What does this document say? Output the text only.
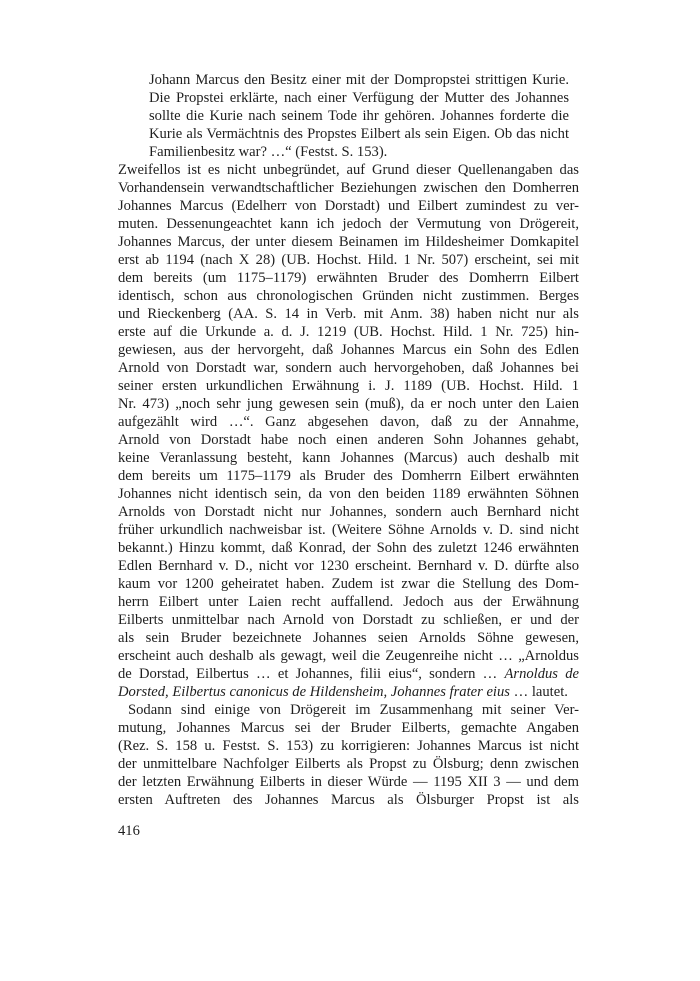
Johann Marcus den Besitz einer mit der Dompropstei strittigen Kurie.
Die Propstei erklärte, nach einer Verfügung der Mutter des Johannes
sollte die Kurie nach seinem Tode ihr gehören. Johannes forderte die
Kurie als Vermächtnis des Propstes Eilbert als sein Eigen. Ob das nicht
Familienbesitz war? …“ (Festst. S. 153).
Zweifellos ist es nicht unbegründet, auf Grund dieser Quellenangaben das
Vorhandensein verwandtschaftlicher Beziehungen zwischen den Domherren
Johannes Marcus (Edelherr von Dorstadt) und Eilbert zumindest zu ver-
muten. Dessenungeachtet kann ich jedoch der Vermutung von Drögereit,
Johannes Marcus, der unter diesem Beinamen im Hildesheimer Domkapitel
erst ab 1194 (nach X 28) (UB. Hochst. Hild. 1 Nr. 507) erscheint, sei mit
dem bereits (um 1175–1179) erwähnten Bruder des Domherrn Eilbert
identisch, schon aus chronologischen Gründen nicht zustimmen. Berges
und Rieckenberg (AA. S. 14 in Verb. mit Anm. 38) haben nicht nur als
erste auf die Urkunde a. d. J. 1219 (UB. Hochst. Hild. 1 Nr. 725) hin-
gewiesen, aus der hervorgeht, daß Johannes Marcus ein Sohn des Edlen
Arnold von Dorstadt war, sondern auch hervorgehoben, daß Johannes bei
seiner ersten urkundlichen Erwähnung i. J. 1189 (UB. Hochst. Hild. 1
Nr. 473) „noch sehr jung gewesen sein (muß), da er noch unter den Laien
aufgezählt wird …“. Ganz abgesehen davon, daß zu der Annahme,
Arnold von Dorstadt habe noch einen anderen Sohn Johannes gehabt,
keine Veranlassung besteht, kann Johannes (Marcus) auch deshalb mit
dem bereits um 1175–1179 als Bruder des Domherrn Eilbert erwähnten
Johannes nicht identisch sein, da von den beiden 1189 erwähnten Söhnen
Arnolds von Dorstadt nicht nur Johannes, sondern auch Bernhard nicht
früher urkundlich nachweisbar ist. (Weitere Söhne Arnolds v. D. sind nicht
bekannt.) Hinzu kommt, daß Konrad, der Sohn des zuletzt 1246 erwähnten
Edlen Bernhard v. D., nicht vor 1230 erscheint. Bernhard v. D. dürfte also
kaum vor 1200 geheiratet haben. Zudem ist zwar die Stellung des Dom-
herrn Eilbert unter Laien recht auffallend. Jedoch aus der Erwähnung
Eilberts unmittelbar nach Arnold von Dorstadt zu schließen, er und der
als sein Bruder bezeichnete Johannes seien Arnolds Söhne gewesen,
erscheint auch deshalb als gewagt, weil die Zeugenreihe nicht … „Arnoldus
de Dorstad, Eilbertus … et Johannes, filii eius“, sondern … Arnoldus de
Dorsted, Eilbertus canonicus de Hildensheim, Johannes frater eius … lautet.
Sodann sind einige von Drögereit im Zusammenhang mit seiner Ver-
mutung, Johannes Marcus sei der Bruder Eilberts, gemachte Angaben
(Rez. S. 158 u. Festst. S. 153) zu korrigieren: Johannes Marcus ist nicht
der unmittelbare Nachfolger Eilberts als Propst zu Ölsburg; denn zwischen
der letzten Erwähnung Eilberts in dieser Würde — 1195 XII 3 — und dem
ersten Auftreten des Johannes Marcus als Ölsburger Propst ist als
416
